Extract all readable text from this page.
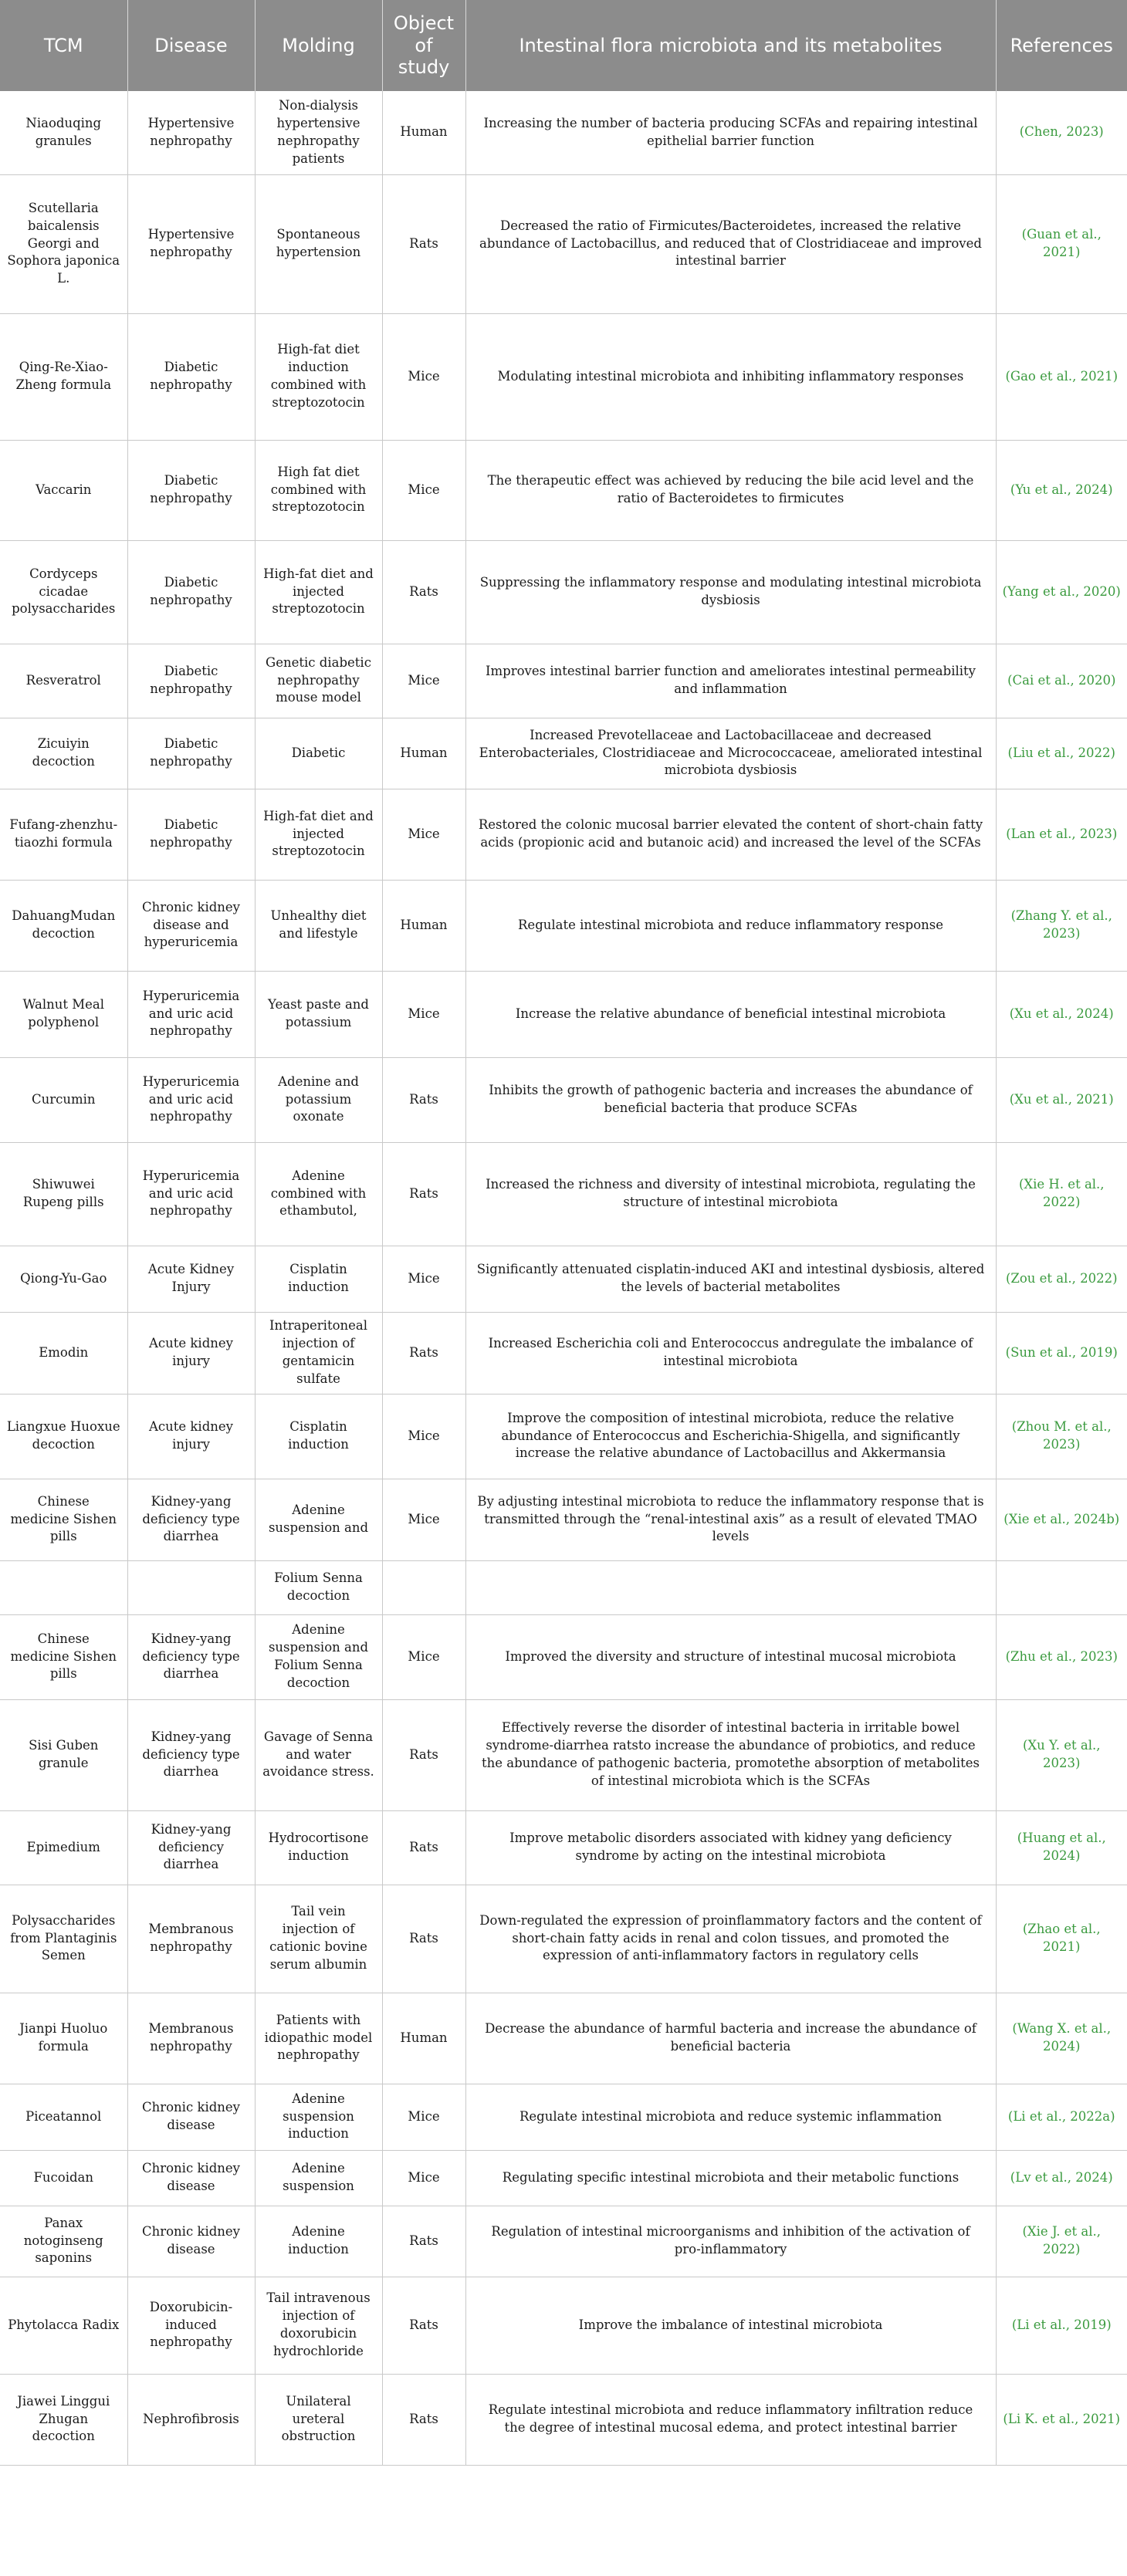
TCM	Disease	Molding	Object of study	Intestinal flora microbiota and its metabolites	References
Niaoduqing granules	Hypertensive nephropathy	Non-dialysis hypertensive nephropathy patients	Human	Increasing the number of bacteria producing SCFAs and repairing intestinal epithelial barrier function	(Chen, 2023)
Scutellaria baicalensis Georgi and Sophora japonica L.	Hypertensive nephropathy	Spontaneous hypertension	Rats	Decreased the ratio of Firmicutes/Bacteroidetes, increased the relative abundance of Lactobacillus, and reduced that of Clostridiaceae and improved intestinal barrier	(Guan et al., 2021)
Qing-Re-Xiao-Zheng formula	Diabetic nephropathy	High-fat diet induction combined with streptozotocin	Mice	Modulating intestinal microbiota and inhibiting inflammatory responses	(Gao et al., 2021)
Vaccarin	Diabetic nephropathy	High fat diet combined with streptozotocin	Mice	The therapeutic effect was achieved by reducing the bile acid level and the ratio of Bacteroidetes to firmicutes	(Yu et al., 2024)
Cordyceps cicadae polysaccharides	Diabetic nephropathy	High-fat diet and injected streptozotocin	Rats	Suppressing the inflammatory response and modulating intestinal microbiota dysbiosis	(Yang et al., 2020)
Resveratrol	Diabetic nephropathy	Genetic diabetic nephropathy mouse model	Mice	Improves intestinal barrier function and ameliorates intestinal permeability and inflammation	(Cai et al., 2020)
Zicuiyin decoction	Diabetic nephropathy	Diabetic	Human	Increased Prevotellaceae and Lactobacillaceae and decreased Enterobacteriales, Clostridiaceae and Micrococcaceae, ameliorated intestinal microbiota dysbiosis	(Liu et al., 2022)
Fufang-zhenzhu-tiaozhi formula	Diabetic nephropathy	High-fat diet and injected streptozotocin	Mice	Restored the colonic mucosal barrier elevated the content of short-chain fatty acids (propionic acid and butanoic acid) and increased the level of the SCFAs	(Lan et al., 2023)
DahuangMudan decoction	Chronic kidney disease and hyperuricemia	Unhealthy diet and lifestyle	Human	Regulate intestinal microbiota and reduce inflammatory response	(Zhang Y. et al., 2023)
Walnut Meal polyphenol	Hyperuricemia and uric acid nephropathy	Yeast paste and potassium	Mice	Increase the relative abundance of beneficial intestinal microbiota	(Xu et al., 2024)
Curcumin	Hyperuricemia and uric acid nephropathy	Adenine and potassium oxonate	Rats	Inhibits the growth of pathogenic bacteria and increases the abundance of beneficial bacteria that produce SCFAs	(Xu et al., 2021)
Shiwuwei Rupeng pills	Hyperuricemia and uric acid nephropathy	Adenine combined with ethambutol,	Rats	Increased the richness and diversity of intestinal microbiota, regulating the structure of intestinal microbiota	(Xie H. et al., 2022)
Qiong-Yu-Gao	Acute Kidney Injury	Cisplatin induction	Mice	Significantly attenuated cisplatin-induced AKI and intestinal dysbiosis, altered the levels of bacterial metabolites	(Zou et al., 2022)
Emodin	Acute kidney injury	Intraperitoneal injection of gentamicin sulfate	Rats	Increased Escherichia coli and Enterococcus andregulate the imbalance of intestinal microbiota	(Sun et al., 2019)
Liangxue Huoxue decoction	Acute kidney injury	Cisplatin induction	Mice	Improve the composition of intestinal microbiota, reduce the relative abundance of Enterococcus and Escherichia-Shigella, and significantly increase the relative abundance of Lactobacillus and Akkermansia	(Zhou M. et al., 2023)
Chinese medicine Sishen pills	Kidney-yang deficiency type diarrhea	Adenine suspension and	Mice	By adjusting intestinal microbiota to reduce the inflammatory response that is transmitted through the “renal-intestinal axis” as a result of elevated TMAO levels	(Xie et al., 2024b)
		Folium Senna decoction			
Chinese medicine Sishen pills	Kidney-yang deficiency type diarrhea	Adenine suspension and Folium Senna decoction	Mice	Improved the diversity and structure of intestinal mucosal microbiota	(Zhu et al., 2023)
Sisi Guben granule	Kidney-yang deficiency type diarrhea	Gavage of Senna and water avoidance stress.	Rats	Effectively reverse the disorder of intestinal bacteria in irritable bowel syndrome-diarrhea ratsto increase the abundance of probiotics, and reduce the abundance of pathogenic bacteria, promotethe absorption of metabolites of intestinal microbiota which is the SCFAs	(Xu Y. et al., 2023)
Epimedium	Kidney-yang deficiency diarrhea	Hydrocortisone induction	Rats	Improve metabolic disorders associated with kidney yang deficiency syndrome by acting on the intestinal microbiota	(Huang et al., 2024)
Polysaccharides from Plantaginis Semen	Membranous nephropathy	Tail vein injection of cationic bovine serum albumin	Rats	Down-regulated the expression of proinflammatory factors and the content of short-chain fatty acids in renal and colon tissues, and promoted the expression of anti-inflammatory factors in regulatory cells	(Zhao et al., 2021)
Jianpi Huoluo formula	Membranous nephropathy	Patients with idiopathic model nephropathy	Human	Decrease the abundance of harmful bacteria and increase the abundance of beneficial bacteria	(Wang X. et al., 2024)
Piceatannol	Chronic kidney disease	Adenine suspension induction	Mice	Regulate intestinal microbiota and reduce systemic inflammation	(Li et al., 2022a)
Fucoidan	Chronic kidney disease	Adenine suspension	Mice	Regulating specific intestinal microbiota and their metabolic functions	(Lv et al., 2024)
Panax notoginseng saponins	Chronic kidney disease	Adenine induction	Rats	Regulation of intestinal microorganisms and inhibition of the activation of pro-inflammatory	(Xie J. et al., 2022)
Phytolacca Radix	Doxorubicin-induced nephropathy	Tail intravenous injection of doxorubicin hydrochloride	Rats	Improve the imbalance of intestinal microbiota	(Li et al., 2019)
Jiawei Linggui Zhugan decoction	Nephrofibrosis	Unilateral ureteral obstruction	Rats	Regulate intestinal microbiota and reduce inflammatory infiltration reduce the degree of intestinal mucosal edema, and protect intestinal barrier	(Li K. et al., 2021)
